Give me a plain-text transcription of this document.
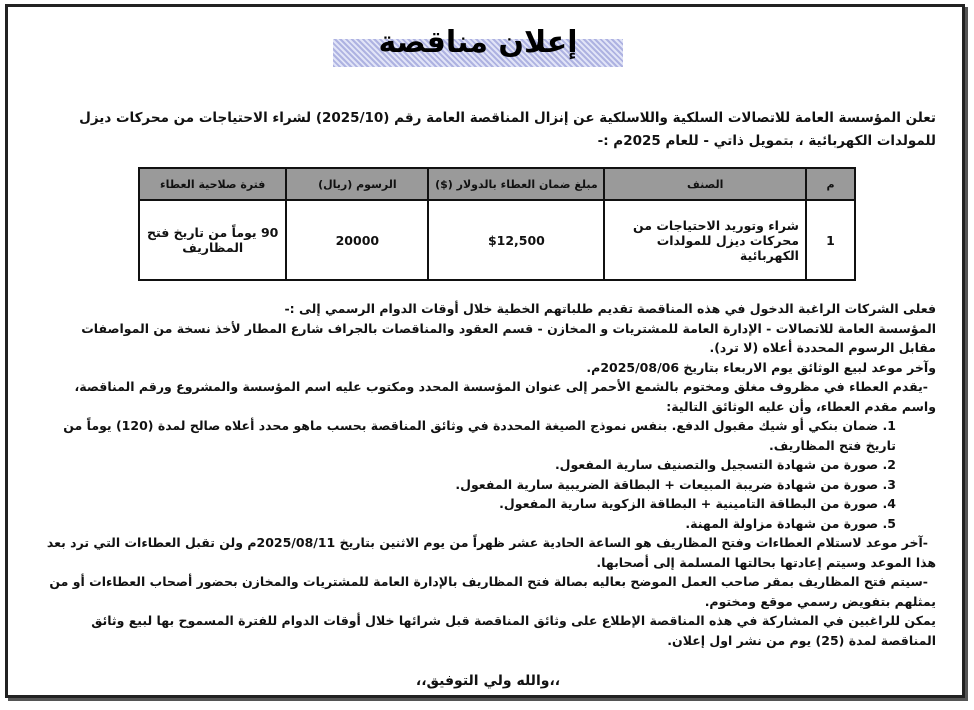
إعلان مناقصة
تعلن المؤسسة العامة للاتصالات السلكية واللاسلكية عن إنزال المناقصة العامة رقم (2025/10) لشراء الاحتياجات من محركات ديزل للمولدات الكهربائية ، بتمويل ذاتي - للعام 2025م :-
م	الصنف	مبلغ ضمان العطاء بالدولار ($)	الرسوم (ريال)	فترة صلاحية العطاء
1	شراء وتوريد الاحتياجات من محركات ديزل للمولدات الكهربائية	$12,500	20000	90 يوماً من تاريخ فتح المظاريف

فعلى الشركات الراغبة الدخول في هذه المناقصة تقديم طلباتهم الخطية خلال أوقات الدوام الرسمي إلى :-

المؤسسة العامة للاتصالات - الإدارة العامة للمشتريات و المخازن - قسم العقود والمناقصات بالجراف شارع المطار لأخذ نسخة من المواصفات مقابل الرسوم المحددة أعلاه (لا ترد).

وآخر موعد لبيع الوثائق يوم الاربعاء بتاريخ 2025/08/06م.

-يقدم العطاء في مظروف مغلق ومختوم بالشمع الأحمر إلى عنوان المؤسسة المحدد ومكتوب عليه اسم المؤسسة والمشروع ورقم المناقصة، واسم مقدم العطاء، وأن عليه الوثائق التالية:

1. ضمان بنكي أو شيك مقبول الدفع. بنفس نموذج الصيغة المحددة في وثائق المناقصة بحسب ماهو محدد أعلاه صالح لمدة (120) يوماً من تاريخ فتح المظاريف.
2. صورة من شهادة التسجيل والتصنيف سارية المفعول.
3. صورة من شهادة ضريبة المبيعات + البطاقة الضريبية سارية المفعول.
4. صورة من البطاقة التامينية + البطاقة الزكوية سارية المفعول.
5. صورة من شهادة مزاولة المهنة.

-آخر موعد لاستلام العطاءات وفتح المظاريف هو الساعة الحادية عشر ظهراً من يوم الاثنين بتاريخ 2025/08/11م ولن تقبل العطاءات التي ترد بعد هذا الموعد وسيتم إعادتها بحالتها المسلمة إلى أصحابها.

-سيتم فتح المظاريف بمقر صاحب العمل الموضح بعاليه بصالة فتح المظاريف بالإدارة العامة للمشتريات والمخازن بحضور أصحاب العطاءات أو من يمثلهم بتفويض رسمي موقع ومختوم.

يمكن للراغبين في المشاركة في هذه المناقصة الإطلاع على وثائق المناقصة قبل شرائها خلال أوقات الدوام للفترة المسموح بها لبيع وثائق المناقصة لمدة (25) يوم من نشر اول إعلان.

،،والله ولي التوفيق،،
